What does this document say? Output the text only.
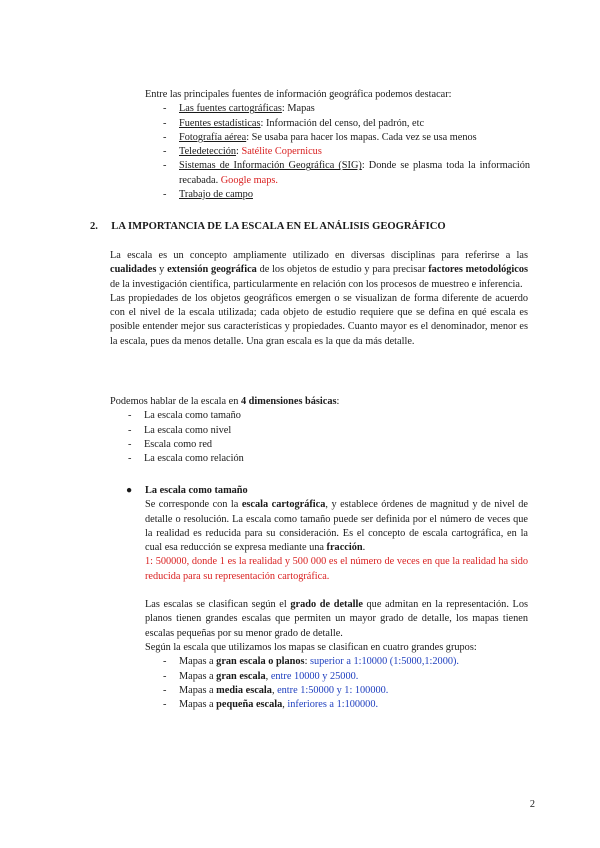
Entre las principales fuentes de información geográfica podemos destacar:

- Las fuentes cartográficas: Mapas
- Fuentes estadísticas: Información del censo, del padrón, etc
- Fotografía aérea: Se usaba para hacer los mapas. Cada vez se usa menos
- Teledetección: Satélite Copernicus
- Sistemas de Información Geográfica (SIG): Donde se plasma toda la información recabada. Google maps.
- Trabajo de campo
2. LA IMPORTANCIA DE LA ESCALA EN EL ANÁLISIS GEOGRÁFICO

La escala es un concepto ampliamente utilizado en diversas disciplinas para referirse a las cualidades y extensión geográfica de los objetos de estudio y para precisar factores metodológicos de la investigación científica, particularmente en relación con los procesos de muestreo e inferencia.

Las propiedades de los objetos geográficos emergen o se visualizan de forma diferente de acuerdo con el nivel de la escala utilizada; cada objeto de estudio requiere que se defina en qué escala es posible entender mejor sus características y propiedades. Cuanto mayor es el denominador, menor es la escala, pues da menos detalle. Una gran escala es la que da más detalle.

Podemos hablar de la escala en 4 dimensiones básicas:

- La escala como tamaño
- La escala como nivel
- Escala como red
- La escala como relación
● La escala como tamaño

Se corresponde con la escala cartográfica, y establece órdenes de magnitud y de nivel de detalle o resolución. La escala como tamaño puede ser definida por el número de veces que la realidad es reducida para su consideración. Es el concepto de escala cartográfica, en la cual esa reducción se expresa mediante una fracción.

1: 500000, donde 1 es la realidad y 500 000 es el número de veces en que la realidad ha sido reducida para su representación cartográfica.

Las escalas se clasifican según el grado de detalle que admitan en la representación. Los planos tienen grandes escalas que permiten un mayor grado de detalle, los mapas tienen escalas pequeñas por su menor grado de detalle.

Según la escala que utilizamos los mapas se clasifican en cuatro grandes grupos:

- Mapas a gran escala o planos: superior a 1:10000 (1:5000,1:2000).
- Mapas a gran escala, entre 10000 y 25000.
- Mapas a media escala, entre 1:50000 y 1: 100000.
- Mapas a pequeña escala, inferiores a 1:100000.
2
